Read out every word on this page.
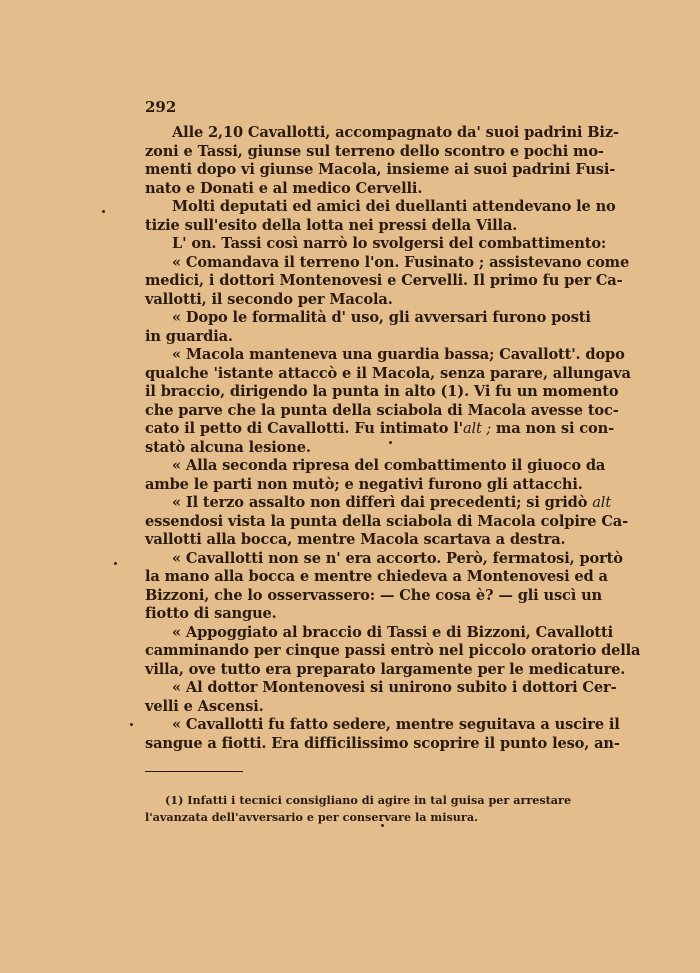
292
Alle 2,10 Cavallotti, accompagnato da' suoi padrini Biz-
zoni e Tassi, giunse sul terreno dello scontro e pochi mo-
menti dopo vi giunse Macola, insieme ai suoi padrini Fusi-
nato e Donati e al medico Cervelli.
Molti deputati ed amici dei duellanti attendevano le no
tizie sull'esito della lotta nei pressi della Villa.
L' on. Tassi così narrò lo svolgersi del combattimento:
« Comandava il terreno l'on. Fusinato ; assistevano come
medici, i dottori Montenovesi e Cervelli. Il primo fu per Ca-
vallotti, il secondo per Macola.
« Dopo le formalità d' uso, gli avversari furono posti
in guardia.
« Macola manteneva una guardia bassa; Cavallott'. dopo
qualche 'istante attaccò e il Macola, senza parare, allungava
il braccio, dirigendo la punta in alto (1). Vi fu un momento
che parve che la punta della sciabola di Macola avesse toc-
cato il petto di Cavallotti. Fu intimato l'alt ; ma non si con-
statò alcuna lesione.
« Alla seconda ripresa del combattimento il giuoco da
ambe le parti non mutò; e negativi furono gli attacchi.
« Il terzo assalto non differì dai precedenti; si gridò alt
essendosi vista la punta della sciabola di Macola colpire Ca-
vallotti alla bocca, mentre Macola scartava a destra.
« Cavallotti non se n' era accorto. Però, fermatosi, portò
la mano alla bocca e mentre chiedeva a Montenovesi ed a
Bizzoni, che lo osservassero: — Che cosa è? — gli uscì un
fiotto di sangue.
« Appoggiato al braccio di Tassi e di Bizzoni, Cavallotti
camminando per cinque passi entrò nel piccolo oratorio della
villa, ove tutto era preparato largamente per le medicature.
« Al dottor Montenovesi si unirono subito i dottori Cer-
velli e Ascensi.
« Cavallotti fu fatto sedere, mentre seguitava a uscire il
sangue a fiotti. Era difficilissimo scoprire il punto leso, an-
(1) Infatti i tecnici consigliano di agire in tal guisa per arrestare
l'avanzata dell'avversario e per conservare la misura.
